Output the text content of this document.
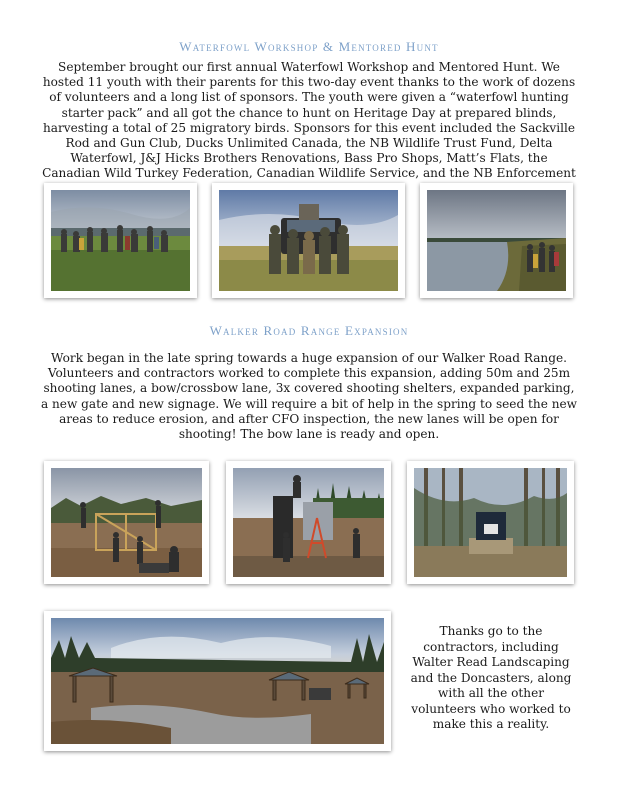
Waterfowl Workshop & Mentored Hunt
September brought our first annual Waterfowl Workshop and Mentored Hunt. We hosted 11 youth with their parents for this two-day event thanks to the work of dozens of volunteers and a long list of sponsors. The youth were given a “waterfowl hunting starter pack” and all got the chance to hunt on Heritage Day at prepared blinds, harvesting a total of 25 migratory birds. Sponsors for this event included the Sackville Rod and Gun Club, Ducks Unlimited Canada, the NB Wildlife Trust Fund, Delta Waterfowl, J&J Hicks Brothers Renovations, Bass Pro Shops, Matt’s Flats, the Canadian Wild Turkey Federation, Canadian Wildlife Service, and the NB Enforcement
Walker Road Range Expansion
Work began in the late spring towards a huge expansion of our Walker Road Range. Volunteers and contractors worked to complete this expansion, adding 50m and 25m shooting lanes, a bow/crossbow lane, 3x covered shooting shelters, expanded parking, a new gate and new signage. We will require a bit of help in the spring to seed the new areas to reduce erosion, and after CFO inspection, the new lanes will be open for shooting! The bow lane is ready and open.
Thanks go to the contractors, including Walter Read Landscaping and the Doncasters, along with all the other volunteers who worked to make this a reality.
